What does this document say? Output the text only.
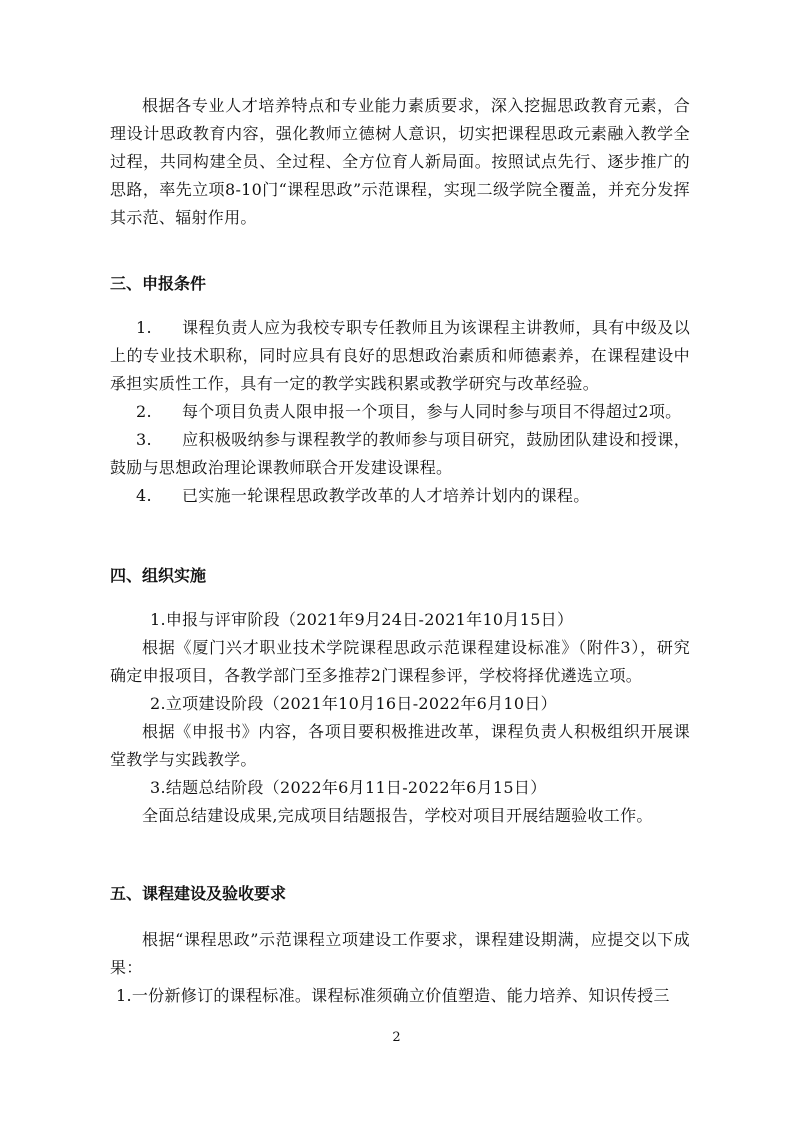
根据各专业人才培养特点和专业能力素质要求，深入挖掘思政教育元素，合理设计思政教育内容，强化教师立德树人意识，切实把课程思政元素融入教学全过程，共同构建全员、全过程、全方位育人新局面。按照试点先行、逐步推广的思路，率先立项8-10门“课程思政”示范课程，实现二级学院全覆盖，并充分发挥其示范、辐射作用。

三、申报条件

1. 课程负责人应为我校专职专任教师且为该课程主讲教师，具有中级及以上的专业技术职称，同时应具有良好的思想政治素质和师德素养，在课程建设中承担实质性工作，具有一定的教学实践积累或教学研究与改革经验。

2. 每个项目负责人限申报一个项目，参与人同时参与项目不得超过2项。

3. 应积极吸纳参与课程教学的教师参与项目研究，鼓励团队建设和授课，鼓励与思想政治理论课教师联合开发建设课程。

4. 已实施一轮课程思政教学改革的人才培养计划内的课程。

四、组织实施

1.申报与评审阶段（2021年9月24日-2021年10月15日）

根据《厦门兴才职业技术学院课程思政示范课程建设标准》（附件3），研究确定申报项目，各教学部门至多推荐2门课程参评，学校将择优遴选立项。

2.立项建设阶段（2021年10月16日-2022年6月10日）

根据《申报书》内容，各项目要积极推进改革，课程负责人积极组织开展课堂教学与实践教学。

3.结题总结阶段（2022年6月11日-2022年6月15日）

全面总结建设成果,完成项目结题报告，学校对项目开展结题验收工作。

五、课程建设及验收要求

根据“课程思政”示范课程立项建设工作要求，课程建设期满，应提交以下成果：

1.一份新修订的课程标准。课程标准须确立价值塑造、能力培养、知识传授三

2
